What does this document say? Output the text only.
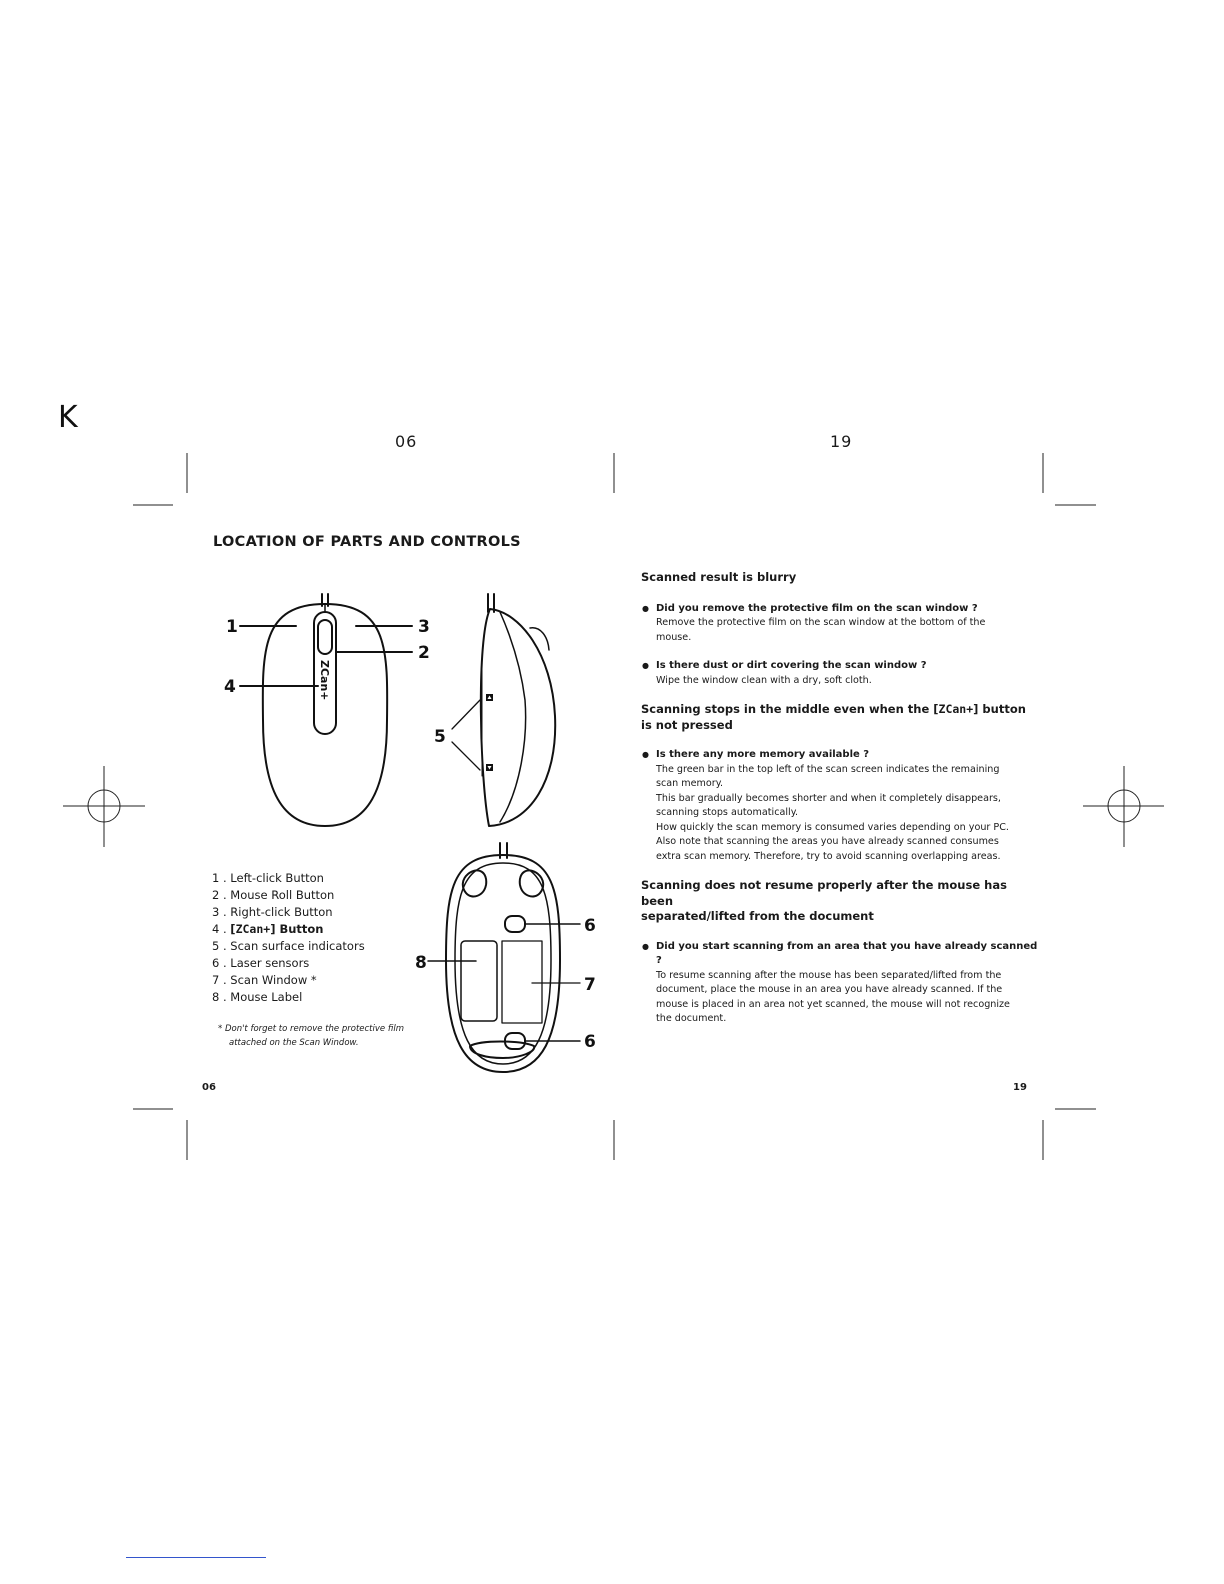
K
06	19
LOCATION OF PARTS AND CONTROLS
ZCan+
1
2
3
4
5
6
7
8
6
1 . Left-click Button
2 . Mouse Roll Button
3 . Right-click Button
4 . [ZCan+] Button
5 . Scan surface indicators
6 . Laser sensors
7 . Scan Window *
8 . Mouse Label
* Don't forget to remove the protective film
attached on the Scan Window.
06	19
Scanned result is blurry
● Did you remove the protective film on the scan window ?

Remove the protective film on the scan window at the bottom of the

mouse.

● Is there dust or dirt covering the scan window ?

Wipe the window clean with a dry, soft cloth.

Scanning stops in the middle even when the [ZCan+] button
is not pressed
● Is there any more memory available ?

The green bar in the top left of the scan screen indicates the remaining

scan memory.

This bar gradually becomes shorter and when it completely disappears,

scanning stops automatically.

How quickly the scan memory is consumed varies depending on your PC.

Also note that scanning the areas you have already scanned consumes

extra scan memory. Therefore, try to avoid scanning overlapping areas.

Scanning does not resume properly after the mouse has been
separated/lifted from the document
● Did you start scanning from an area that you have already scanned ?

To resume scanning after the mouse has been separated/lifted from the

document, place the mouse in an area you have already scanned. If the

mouse is placed in an area not yet scanned, the mouse will not recognize

the document.
